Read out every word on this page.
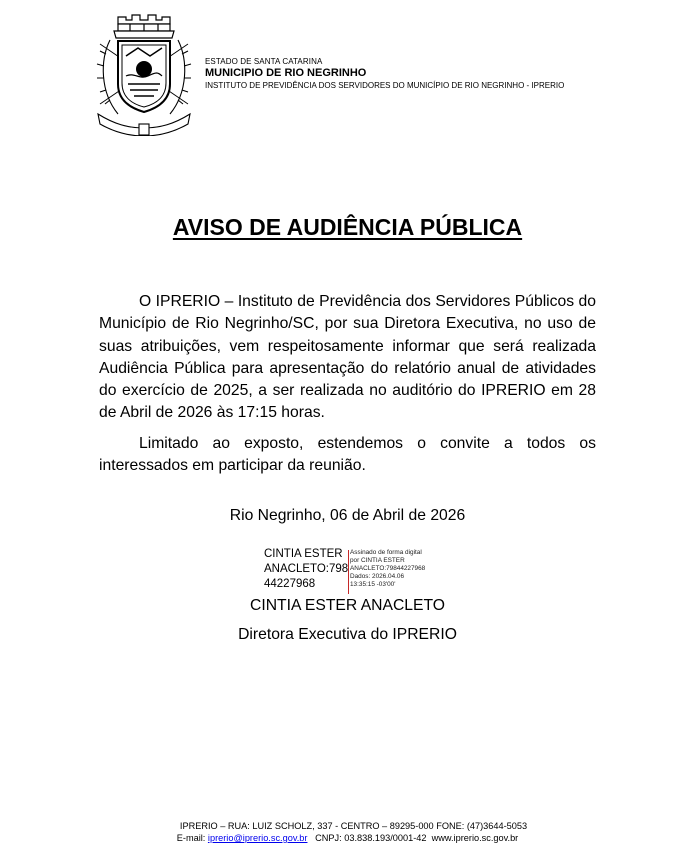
ESTADO DE SANTA CATARINA
MUNICIPIO DE RIO NEGRINHO
INSTITUTO DE PREVIDÊNCIA DOS SERVIDORES DO MUNICÍPIO DE RIO NEGRINHO - IPRERIO
AVISO DE AUDIÊNCIA PÚBLICA

O IPRERIO – Instituto de Previdência dos Servidores Públicos do Município de Rio Negrinho/SC, por sua Diretora Executiva, no uso de suas atribuições, vem respeitosamente informar que será realizada Audiência Pública para apresentação do relatório anual de atividades do exercício de 2025, a ser realizada no auditório do IPRERIO em 28 de Abril de 2026 às 17:15 horas.

Limitado ao exposto, estendemos o convite a todos os interessados em participar da reunião.

Rio Negrinho, 06 de Abril de 2026
CINTIA ESTER
ANACLETO:798
44227968
Assinado de forma digital
por CINTIA ESTER
ANACLETO:79844227968
Dados: 2026.04.06
13:35:15 -03'00'
CINTIA ESTER ANACLETO
Diretora Executiva do IPRERIO
IPRERIO – RUA: LUIZ SCHOLZ, 337 - CENTRO – 89295-000 FONE: (47)3644-5053
E-mail: iprerio@iprerio.sc.gov.br CNPJ: 03.838.193/0001-42 www.iprerio.sc.gov.br
